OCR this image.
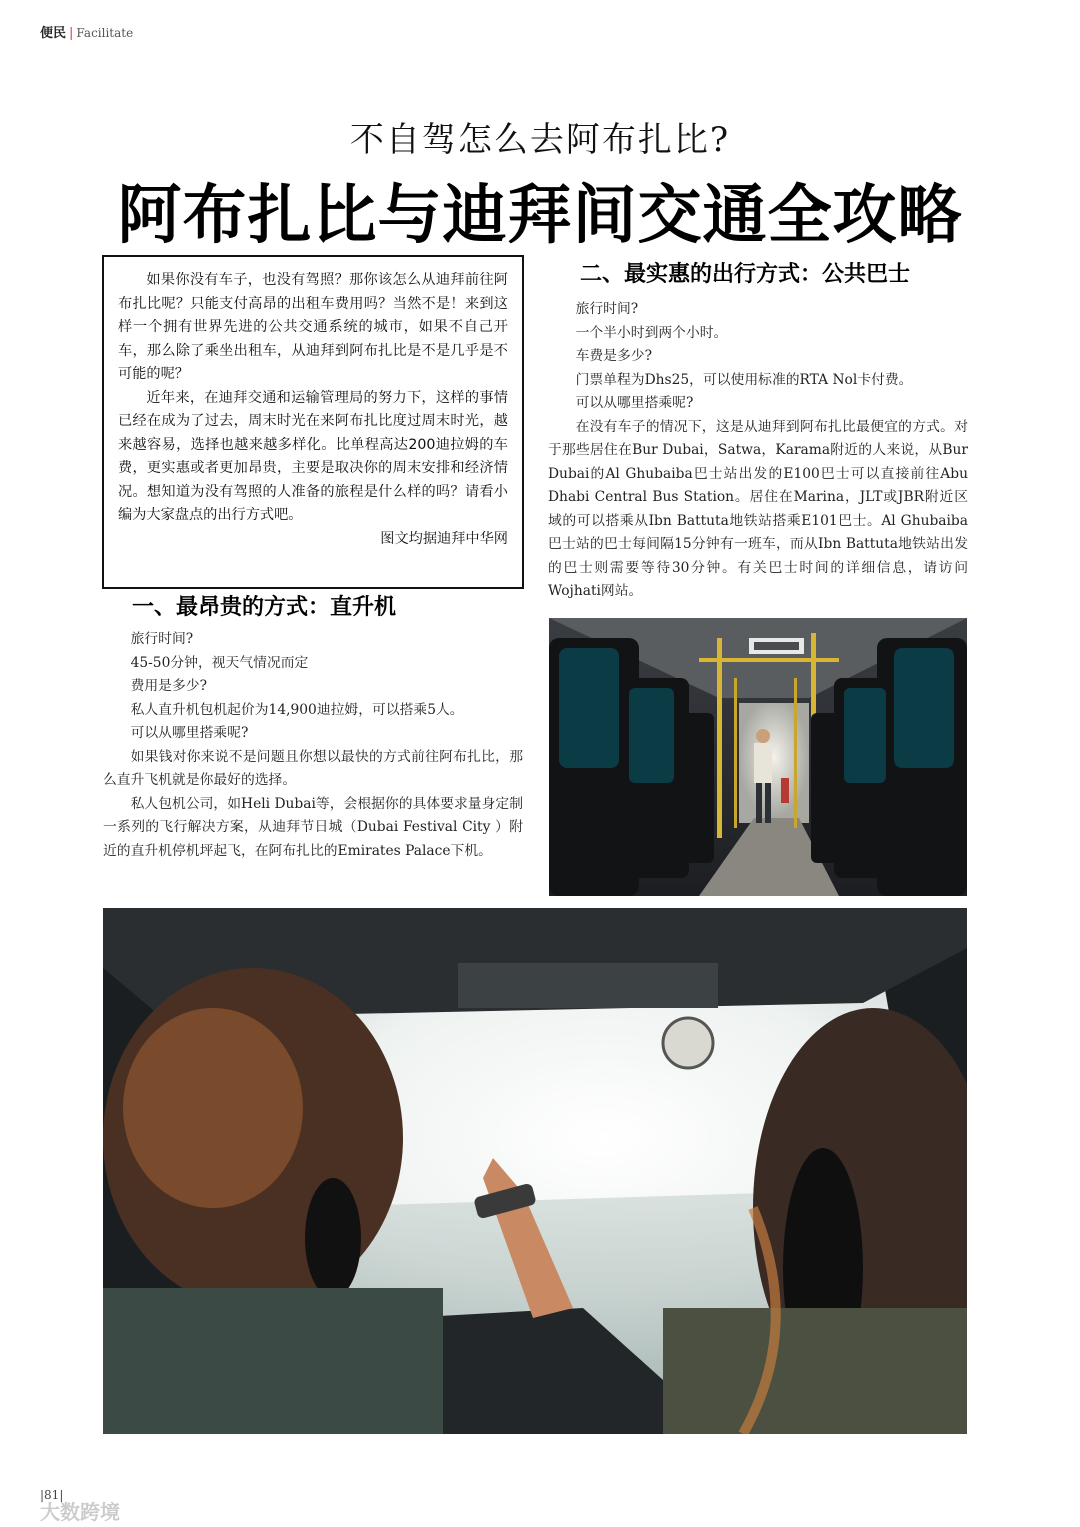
便民 | Facilitate
不自驾怎么去阿布扎比?
阿布扎比与迪拜间交通全攻略

如果你没有车子，也没有驾照？那你该怎么从迪拜前往阿布扎比呢？只能支付高昂的出租车费用吗？当然不是！来到这样一个拥有世界先进的公共交通系统的城市，如果不自己开车，那么除了乘坐出租车，从迪拜到阿布扎比是不是几乎是不可能的呢？

近年来，在迪拜交通和运输管理局的努力下，这样的事情已经在成为了过去，周末时光在来阿布扎比度过周末时光，越来越容易，选择也越来越多样化。比单程高达200迪拉姆的车费，更实惠或者更加昂贵，主要是取决你的周末安排和经济情况。想知道为没有驾照的人准备的旅程是什么样的吗？请看小编为大家盘点的出行方式吧。
图文均据迪拜中华网

二、最实惠的出行方式：公共巴士

旅行时间?

一个半小时到两个小时。

车费是多少?

门票单程为Dhs25，可以使用标准的RTA Nol卡付费。

可以从哪里搭乘呢?

在没有车子的情况下，这是从迪拜到阿布扎比最便宜的方式。对于那些居住在Bur Dubai，Satwa，Karama附近的人来说，从Bur Dubai的Al Ghubaiba巴士站出发的E100巴士可以直接前往Abu Dhabi Central Bus Station。居住在Marina，JLT或JBR附近区域的可以搭乘从Ibn Battuta地铁站搭乘E101巴士。Al Ghubaiba巴士站的巴士每间隔15分钟有一班车，而从Ibn Battuta地铁站出发的巴士则需要等待30分钟。有关巴士时间的详细信息，请访问Wojhati网站。

一、最昂贵的方式：直升机

旅行时间?

45-50分钟，视天气情况而定

费用是多少?

私人直升机包机起价为14,900迪拉姆，可以搭乘5人。

可以从哪里搭乘呢?

如果钱对你来说不是问题且你想以最快的方式前往阿布扎比，那么直升飞机就是你最好的选择。

私人包机公司，如Heli Dubai等，会根据你的具体要求量身定制一系列的飞行解决方案，从迪拜节日城（Dubai Festival City ）附近的直升机停机坪起飞，在阿布扎比的Emirates Palace下机。

|81|
大数跨境
